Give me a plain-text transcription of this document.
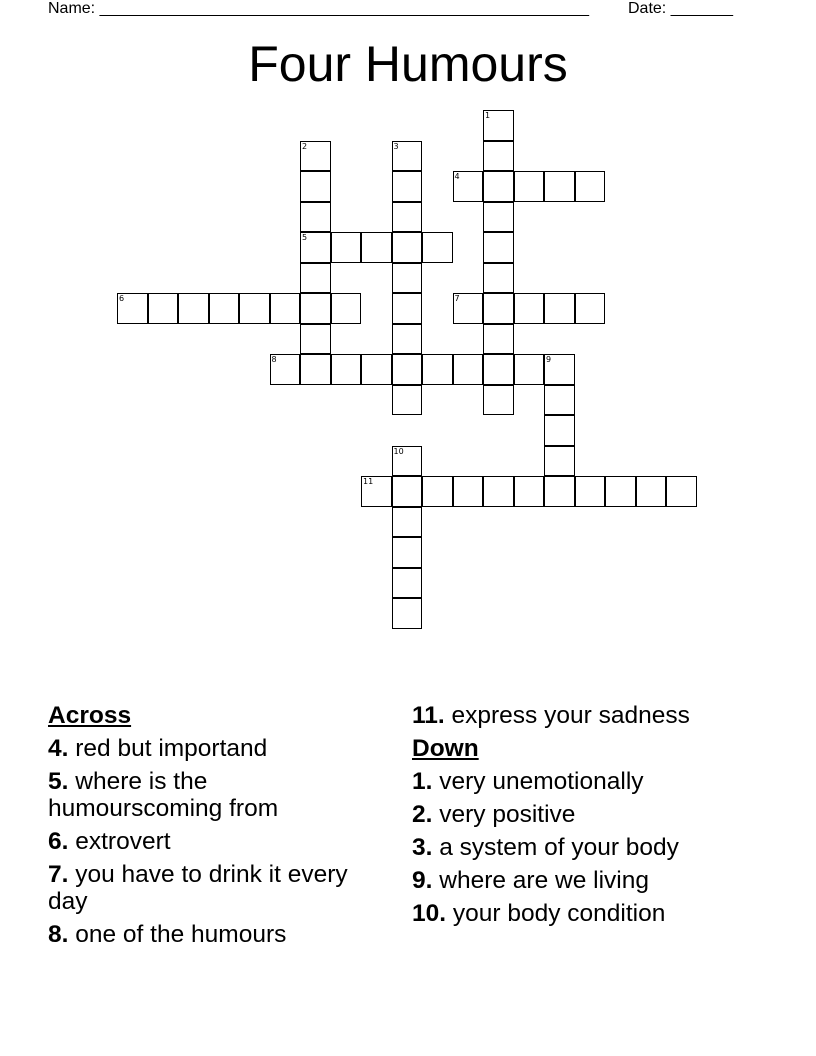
Name: _______________________________________________________ Date: _______
Four Humours
1
2
5
3
4
6	7
8	9
10
11
Across
4. red but importand
5. where is the humourscoming from
6. extrovert
7. you have to drink it every day
8. one of the humours
11. express your sadness
Down
1. very unemotionally
2. very positive
3. a system of your body
9. where are we living
10. your body condition
